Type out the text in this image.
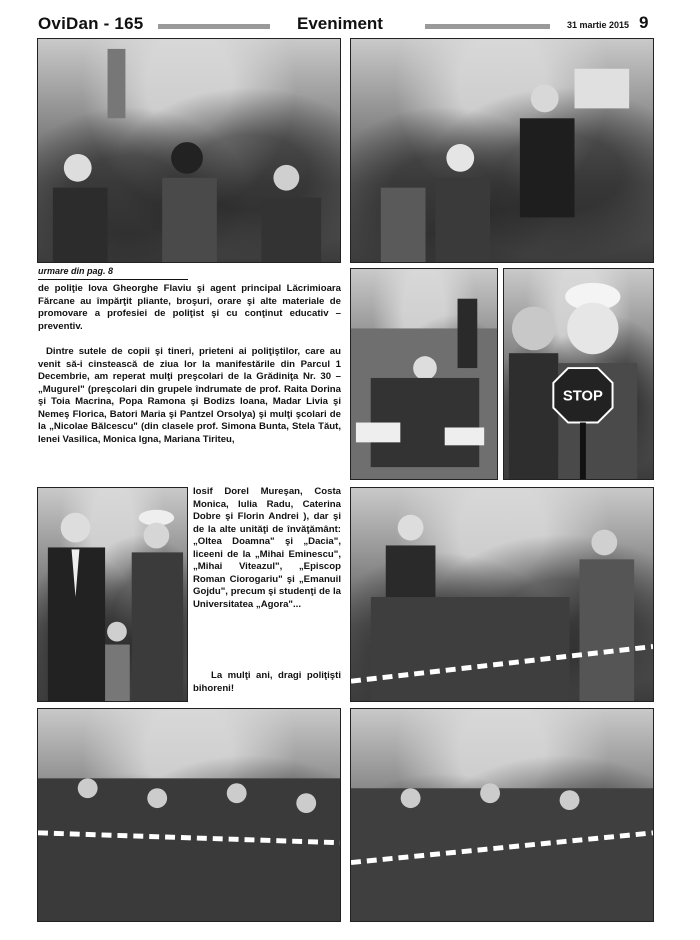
OviDan - 165	Eveniment	31 martie 2015 9
STOP
urmare din pag. 8

de poliţie Iova Gheorghe Flaviu şi agent principal Lăcrimioara Fărcane au împărţit pliante, broşuri, orare şi alte materiale de promovare a profesiei de poliţist şi cu conţinut educativ – preventiv.

Dintre sutele de copii şi tineri, prieteni ai poliţiştilor, care au venit să-i cinstească de ziua lor la manifestările din Parcul 1 Decembrie, am reperat mulţi preşcolari de la Grădiniţa Nr. 30 – „Mugurel" (preşcolari din grupele îndrumate de prof. Raita Dorina şi Toia Macrina, Popa Ramona şi Bodizs Ioana, Madar Livia şi Nemeş Florica, Batori Maria şi Pantzel Orsolya) şi mulţi şcolari de la „Nicolae Bălcescu" (din clasele prof. Simona Bunta, Stela Tăut, Ienei Vasilica, Monica Igna, Mariana Tiriteu,

Iosif Dorel Mureşan, Costa Monica, Iulia Radu, Caterina Dobre şi Florin Andrei ), dar şi de la alte unităţi de învăţământ: „Oltea Doamna" şi „Dacia", liceeni de la „Mihai Eminescu", „Mihai Viteazul", „Episcop Roman Ciorogariu" şi „Emanuil Gojdu", precum şi studenţi de la Universitatea „Agora"...

La mulţi ani, dragi poliţişti bihoreni!
